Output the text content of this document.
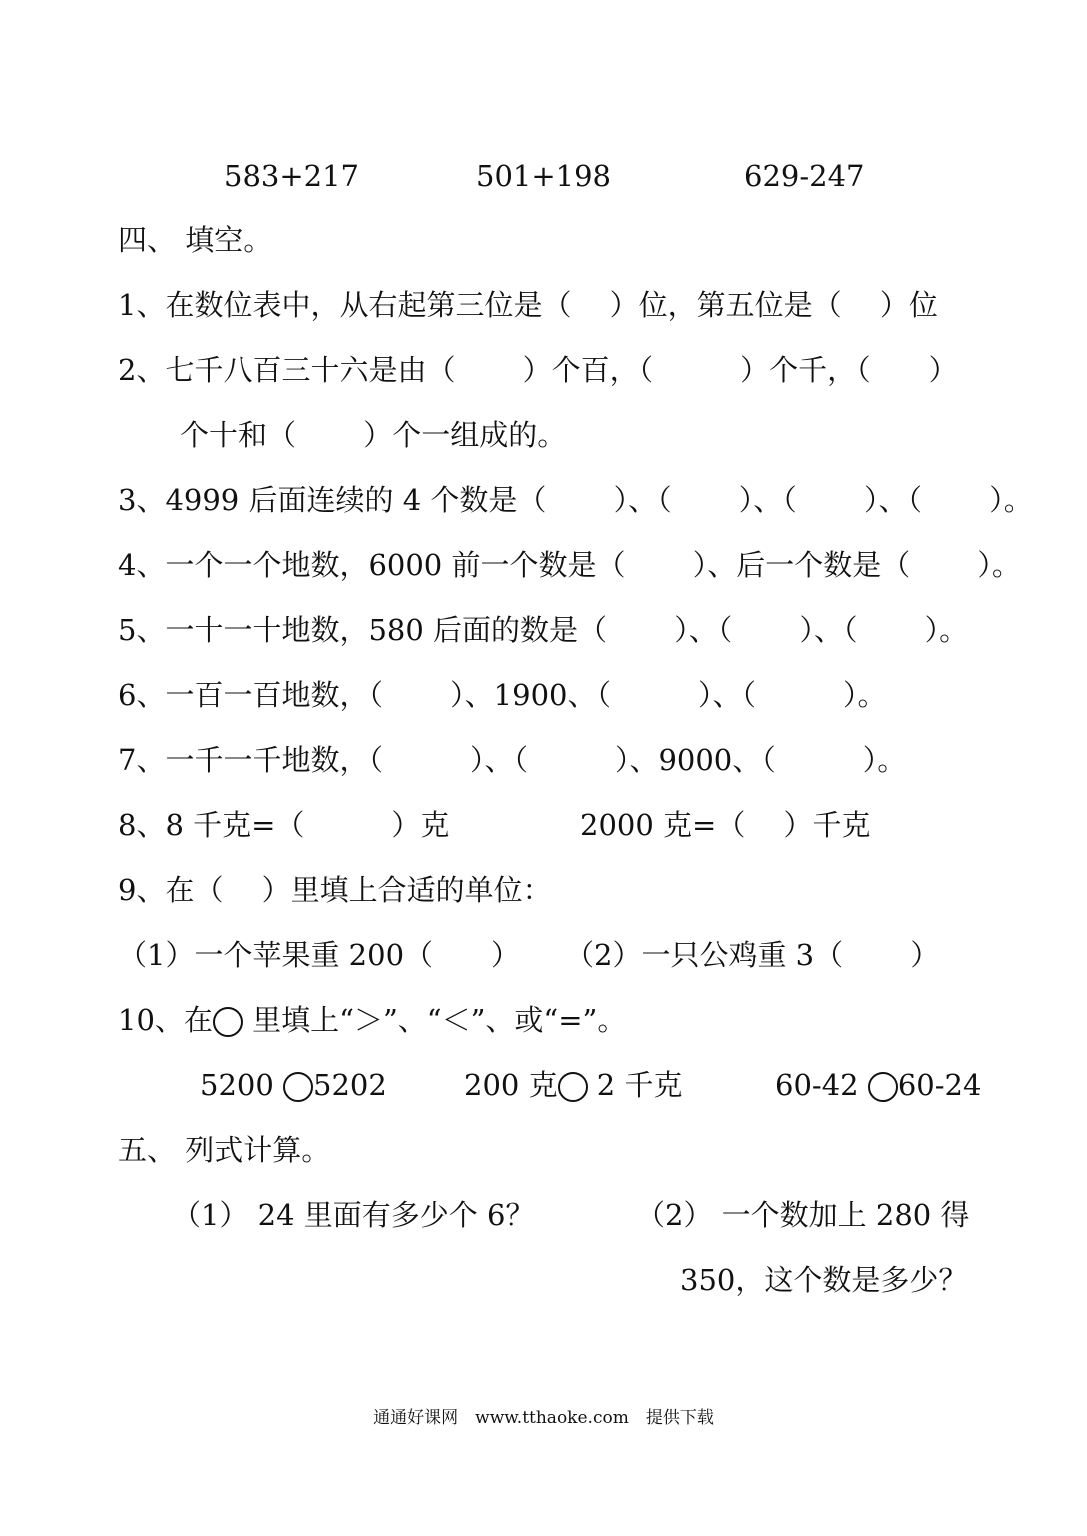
583+217	501+198	629-247
四、 填空。
1、在数位表中，从右起第三位是（　 ）位，第五位是（　 ）位
2、七千八百三十六是由（　　 ）个百，（　　　）个千，（　　）
个十和（　　 ）个一组成的。
3、4999 后面连续的 4 个数是（　　 ）、（　　 ）、（　　 ）、（　　 ）。
4、一个一个地数，6000 前一个数是（　　 ）、后一个数是（　　 ）。
5、一十一十地数，580 后面的数是（　　 ）、（　　 ）、（　　 ）。
6、一百一百地数，（　　 ）、1900、（　　　）、（　　　）。
7、一千一千地数，（　　　）、（　　　）、9000、（　　　）。
8、8 千克=（　　　）克	2000 克=（　 ）千克
9、在（　 ）里填上合适的单位：
（1）一个苹果重 200（　　） （2）一只公鸡重 3（　　 ）
10、在 里填上“＞”、“＜”、或“=”。
5200 5202	200 克 2 千克	60-42 60-24
五、 列式计算。
（1） 24 里面有多少个 6？	（2） 一个数加上 280 得
350，这个数是多少？
通通好课网　www.tthaoke.com　提供下载
